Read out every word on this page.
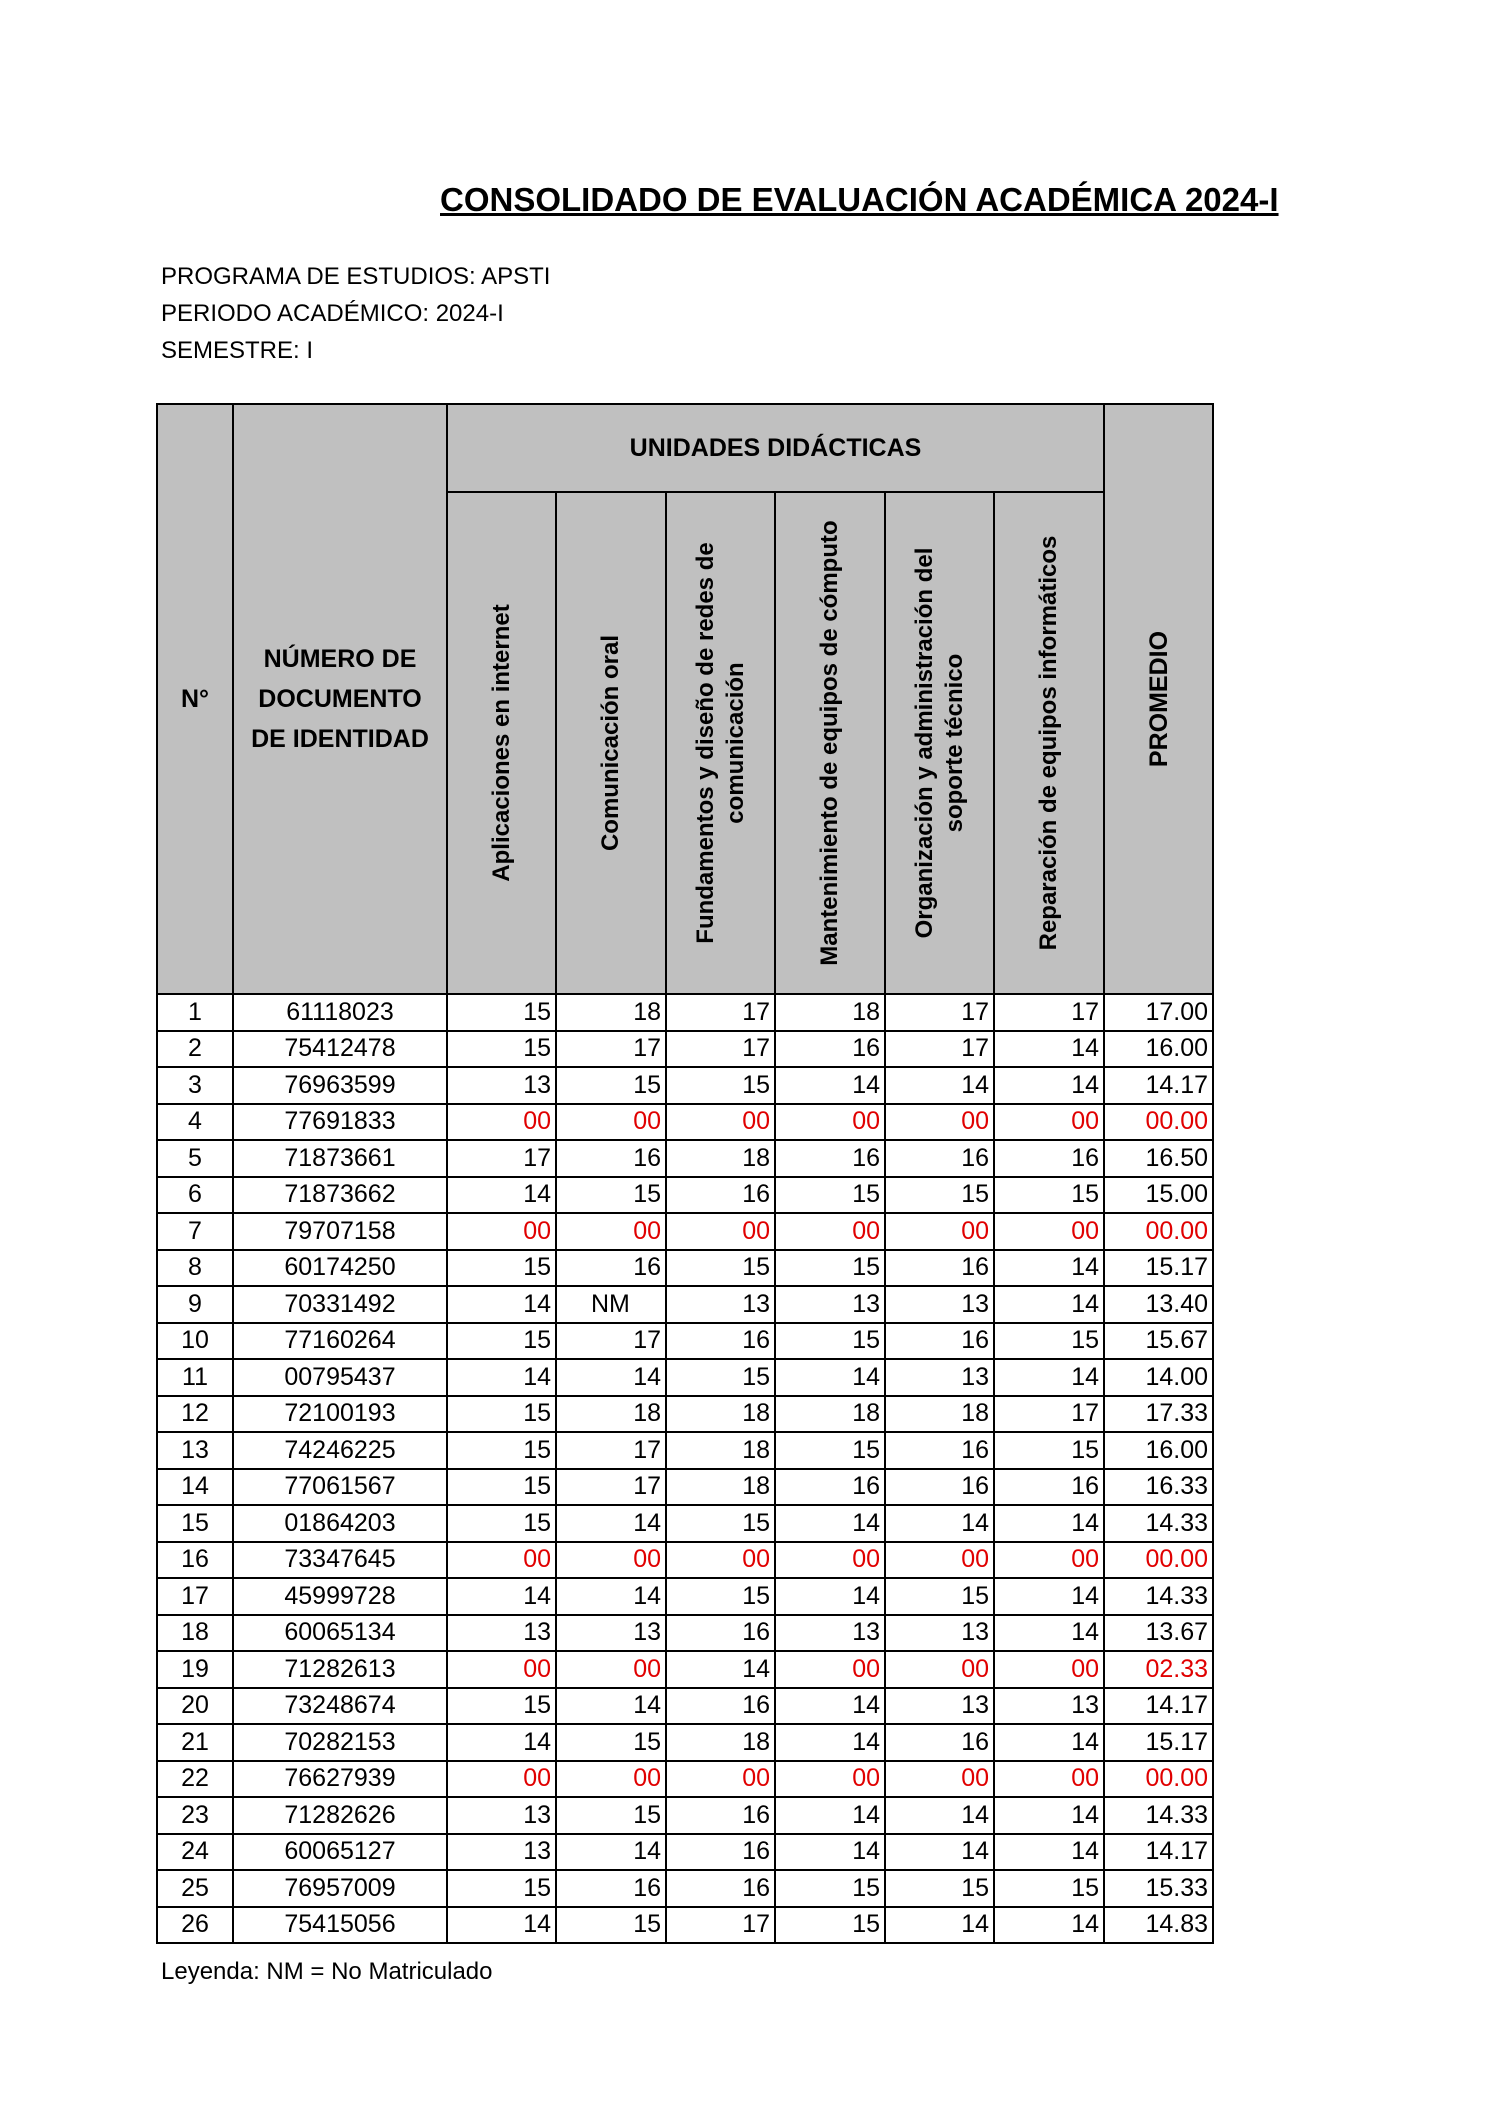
CONSOLIDADO DE EVALUACIÓN ACADÉMICA 2024-I
PROGRAMA DE ESTUDIOS: APSTI
PERIODO ACADÉMICO: 2024-I
SEMESTRE: I
N°	NÚMERO DE DOCUMENTO DE IDENTIDAD	UNIDADES DIDÁCTICAS						PROMEDIO

		Aplicaciones en internet	Comunicación oral	Fundamentos y diseño de redes de comunicación	Mantenimiento de equipos de cómputo	Organización y administración del soporte técnico	Reparación de equipos informáticos	

1	61118023	15	18	17	18	17	17	17.00
2	75412478	15	17	17	16	17	14	16.00
3	76963599	13	15	15	14	14	14	14.17
4	77691833	00	00	00	00	00	00	00.00
5	71873661	17	16	18	16	16	16	16.50
6	71873662	14	15	16	15	15	15	15.00
7	79707158	00	00	00	00	00	00	00.00
8	60174250	15	16	15	15	16	14	15.17
9	70331492	14	NM	13	13	13	14	13.40
10	77160264	15	17	16	15	16	15	15.67
11	00795437	14	14	15	14	13	14	14.00
12	72100193	15	18	18	18	18	17	17.33
13	74246225	15	17	18	15	16	15	16.00
14	77061567	15	17	18	16	16	16	16.33
15	01864203	15	14	15	14	14	14	14.33
16	73347645	00	00	00	00	00	00	00.00
17	45999728	14	14	15	14	15	14	14.33
18	60065134	13	13	16	13	13	14	13.67
19	71282613	00	00	14	00	00	00	02.33
20	73248674	15	14	16	14	13	13	14.17
21	70282153	14	15	18	14	16	14	15.17
22	76627939	00	00	00	00	00	00	00.00
23	71282626	13	15	16	14	14	14	14.33
24	60065127	13	14	16	14	14	14	14.17
25	76957009	15	16	16	15	15	15	15.33
26	75415056	14	15	17	15	14	14	14.83
Leyenda: NM = No Matriculado
